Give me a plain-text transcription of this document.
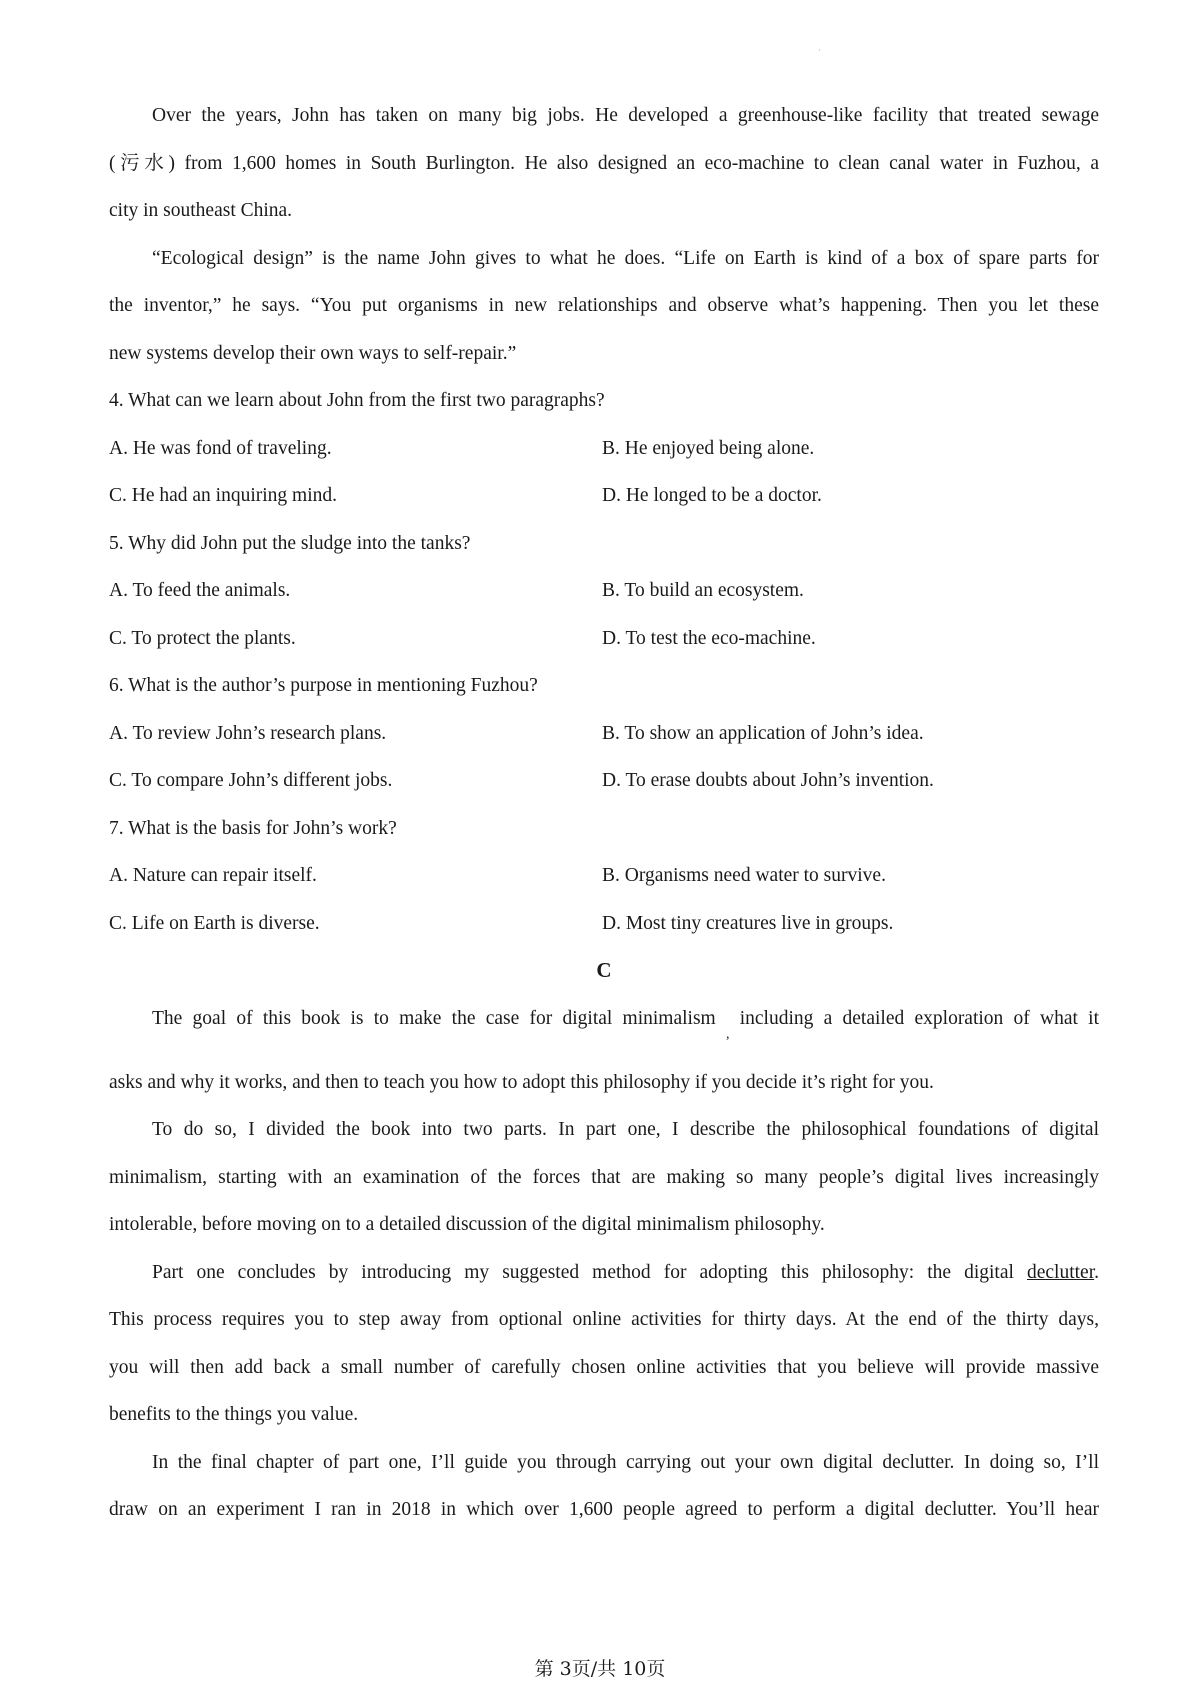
·
Over the years, John has taken on many big jobs. He developed a greenhouse-like facility that treated sewage
(污水) from 1,600 homes in South Burlington. He also designed an eco-machine to clean canal water in Fuzhou, a
city in southeast China.
“Ecological design” is the name John gives to what he does. “Life on Earth is kind of a box of spare parts for
the inventor,” he says. “You put organisms in new relationships and observe what’s happening. Then you let these
new systems develop their own ways to self-repair.”
4. What can we learn about John from the first two paragraphs?
A. He was fond of traveling.	B. He enjoyed being alone.
C. He had an inquiring mind.	D. He longed to be a doctor.
5. Why did John put the sludge into the tanks?
A. To feed the animals.	B. To build an ecosystem.
C. To protect the plants.	D. To test the eco-machine.
6. What is the author’s purpose in mentioning Fuzhou?
A. To review John’s research plans.	B. To show an application of John’s idea.
C. To compare John’s different jobs.	D. To erase doubts about John’s invention.
7. What is the basis for John’s work?
A. Nature can repair itself.	B. Organisms need water to survive.
C. Life on Earth is diverse.	D. Most tiny creatures live in groups.
C
The goal of this book is to make the case for digital minimalism $_,$ including a detailed exploration of what it
asks and why it works, and then to teach you how to adopt this philosophy if you decide it’s right for you.
To do so, I divided the book into two parts. In part one, I describe the philosophical foundations of digital
minimalism, starting with an examination of the forces that are making so many people’s digital lives increasingly
intolerable, before moving on to a detailed discussion of the digital minimalism philosophy.
Part one concludes by introducing my suggested method for adopting this philosophy: the digital declutter.
This process requires you to step away from optional online activities for thirty days. At the end of the thirty days,
you will then add back a small number of carefully chosen online activities that you believe will provide massive
benefits to the things you value.
In the final chapter of part one, I’ll guide you through carrying out your own digital declutter. In doing so, I’ll
draw on an experiment I ran in 2018 in which over 1,600 people agreed to perform a digital declutter. You’ll hear
第 3页/共 10页
